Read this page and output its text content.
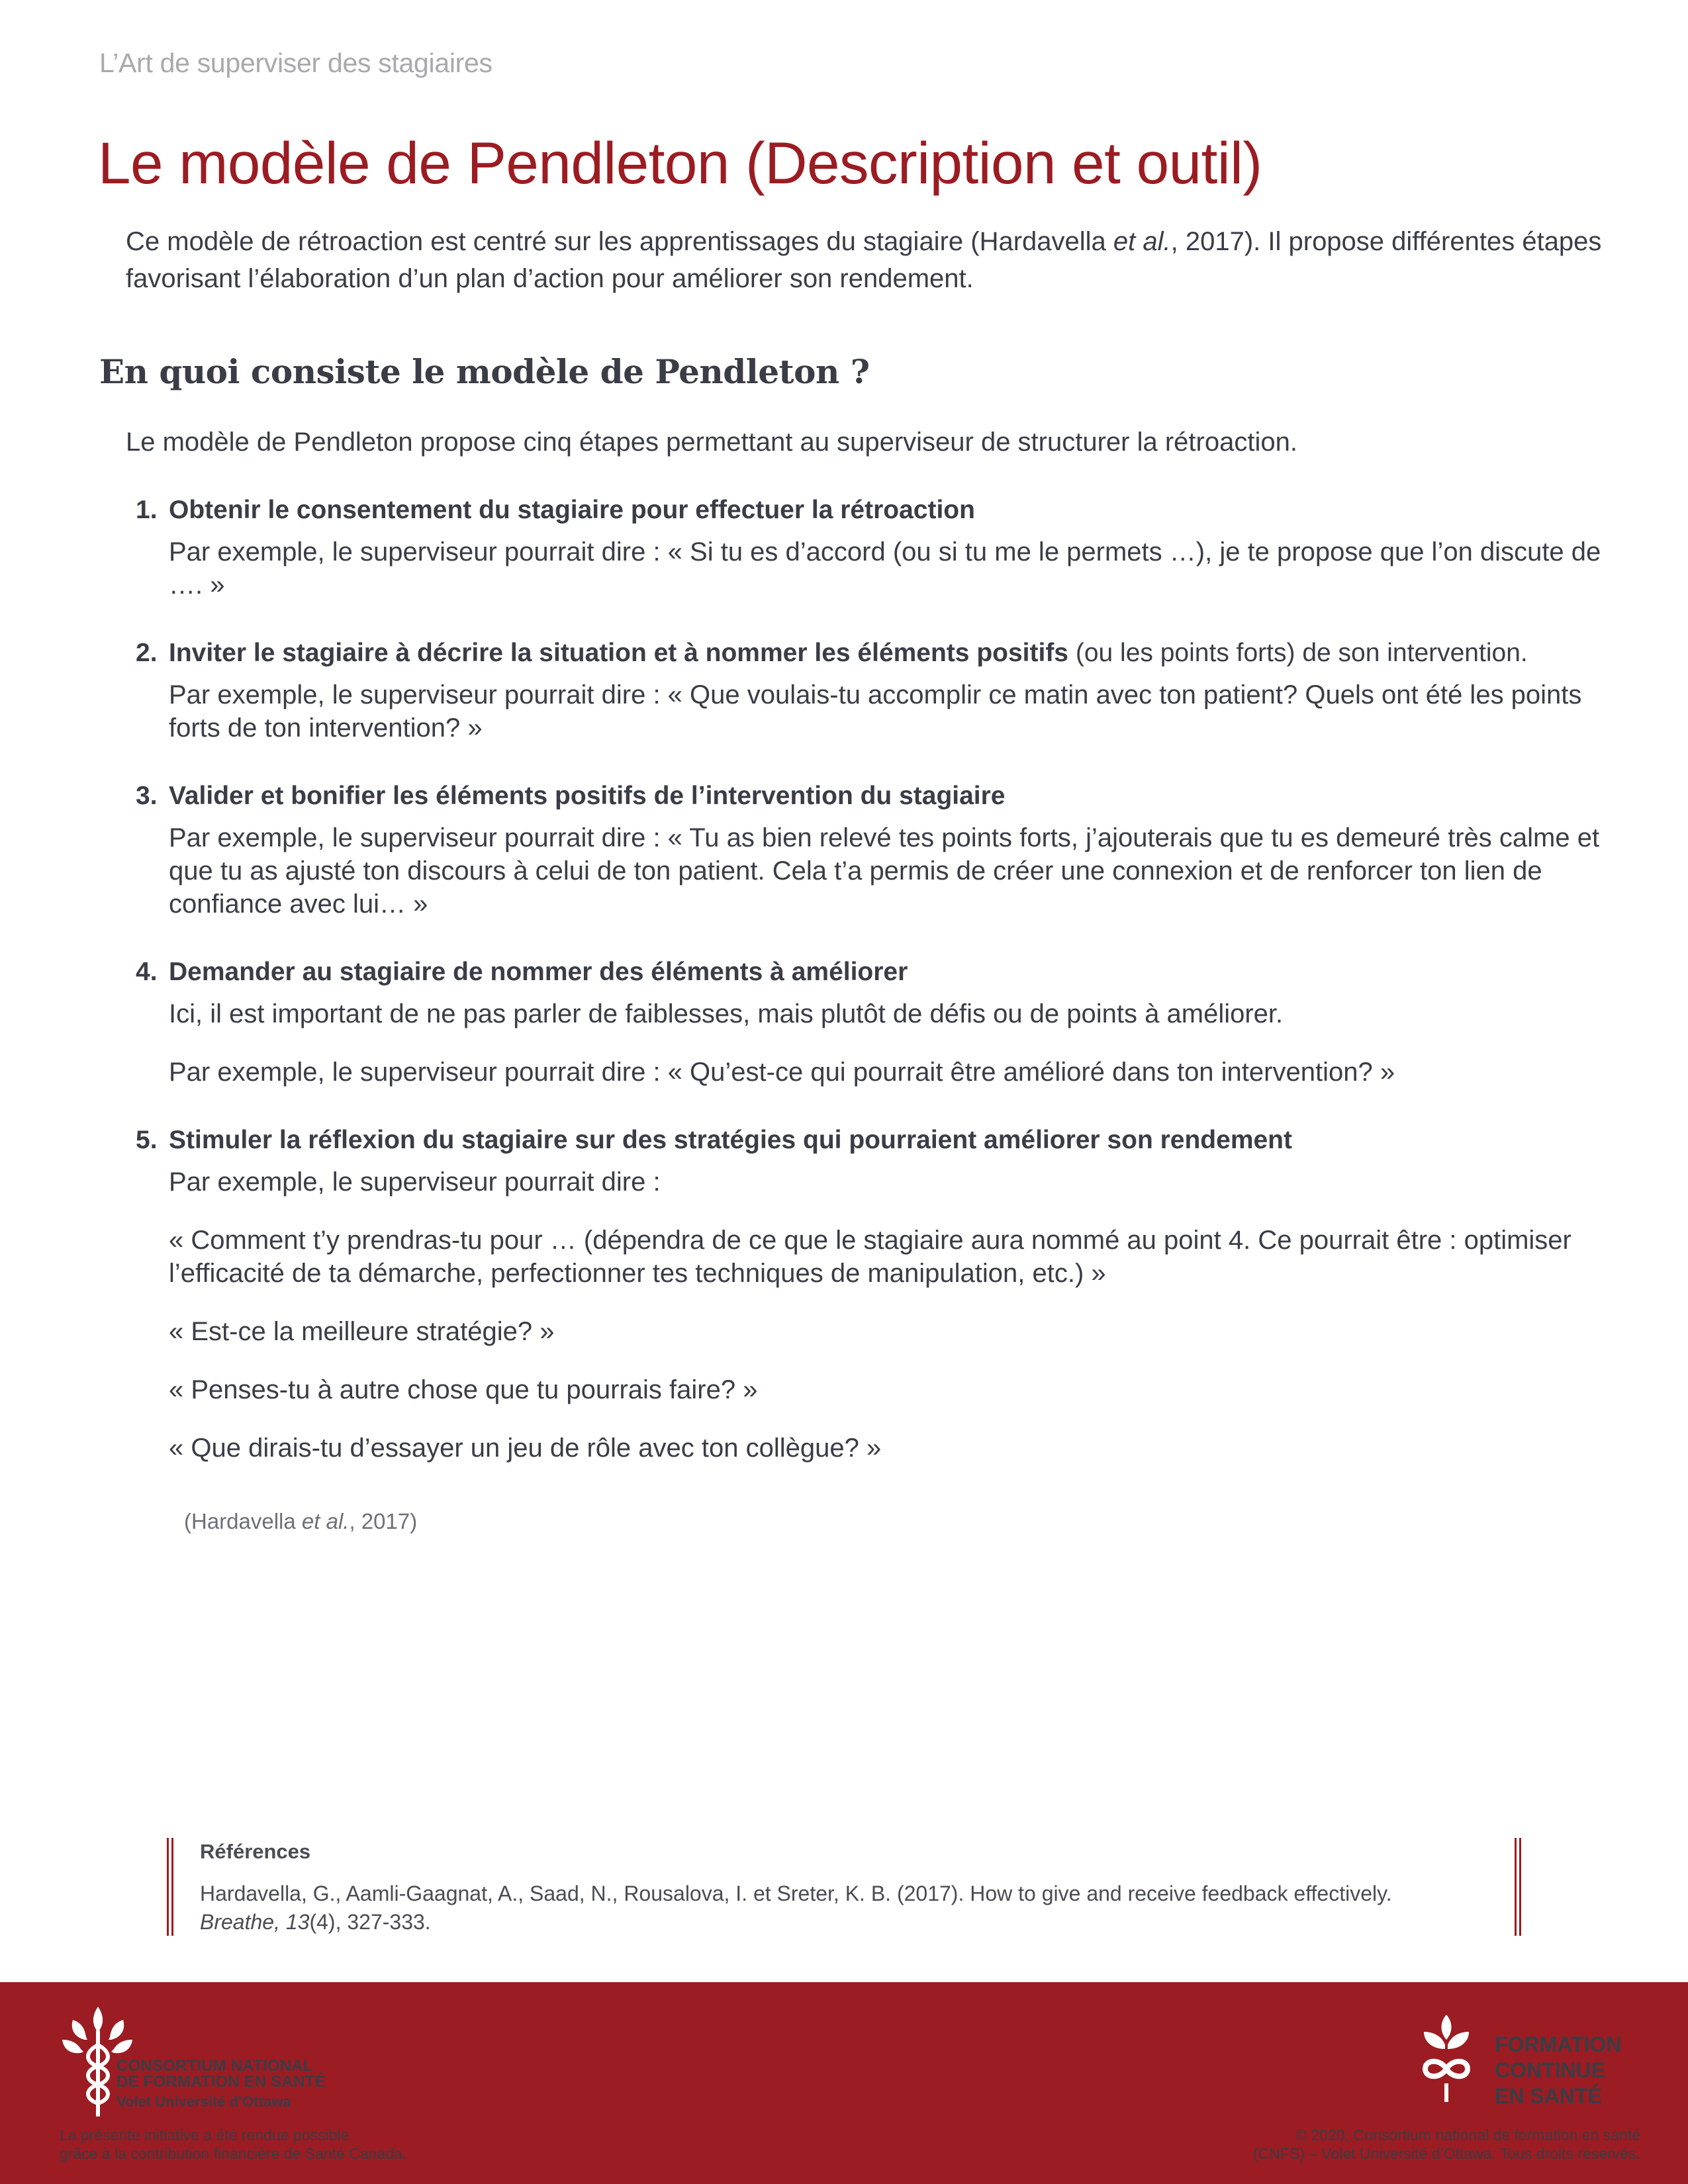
L’Art de superviser des stagiaires
Le modèle de Pendleton (Description et outil)

Ce modèle de rétroaction est centré sur les apprentissages du stagiaire (Hardavella et al., 2017). Il propose différentes étapes favorisant l’élaboration d’un plan d’action pour améliorer son rendement.

En quoi consiste le modèle de Pendleton ?

Le modèle de Pendleton propose cinq étapes permettant au superviseur de structurer la rétroaction.

1. Obtenir le consentement du stagiaire pour effectuer la rétroaction

Par exemple, le superviseur pourrait dire : « Si tu es d’accord (ou si tu me le permets …), je te propose que l’on discute de …. »

2. Inviter le stagiaire à décrire la situation et à nommer les éléments positifs (ou les points forts) de son intervention.

Par exemple, le superviseur pourrait dire : « Que voulais-tu accomplir ce matin avec ton patient? Quels ont été les points forts de ton intervention? »

3. Valider et bonifier les éléments positifs de l’intervention du stagiaire

Par exemple, le superviseur pourrait dire : « Tu as bien relevé tes points forts, j’ajouterais que tu es demeuré très calme et que tu as ajusté ton discours à celui de ton patient. Cela t’a permis de créer une connexion et de renforcer ton lien de confiance avec lui… »

4. Demander au stagiaire de nommer des éléments à améliorer

Ici, il est important de ne pas parler de faiblesses, mais plutôt de défis ou de points à améliorer.

Par exemple, le superviseur pourrait dire : « Qu’est-ce qui pourrait être amélioré dans ton intervention? »

5. Stimuler la réflexion du stagiaire sur des stratégies qui pourraient améliorer son rendement

Par exemple, le superviseur pourrait dire :

« Comment t’y prendras-tu pour … (dépendra de ce que le stagiaire aura nommé au point 4. Ce pourrait être : optimiser l’efficacité de ta démarche, perfectionner tes techniques de manipulation, etc.) »

« Est-ce la meilleure stratégie? »

« Penses-tu à autre chose que tu pourrais faire? »

« Que dirais-tu d’essayer un jeu de rôle avec ton collègue? »

(Hardavella et al., 2017)
Références
Hardavella, G., Aamli-Gaagnat, A., Saad, N., Rousalova, I. et Sreter, K. B. (2017). How to give and receive feedback effectively.
Breathe, 13(4), 327-333.
CONSORTIUM NATIONAL
DE FORMATION EN SANTÉ
Volet Université d’Ottawa
La présente initiative a été rendue possible
grâce à la contribution financière de Santé Canada.
FORMATION
CONTINUE
EN SANTÉ
© 2020, Consortium national de formation en santé
(CNFS) – Volet Université d’Ottawa. Tous droits réservés.
